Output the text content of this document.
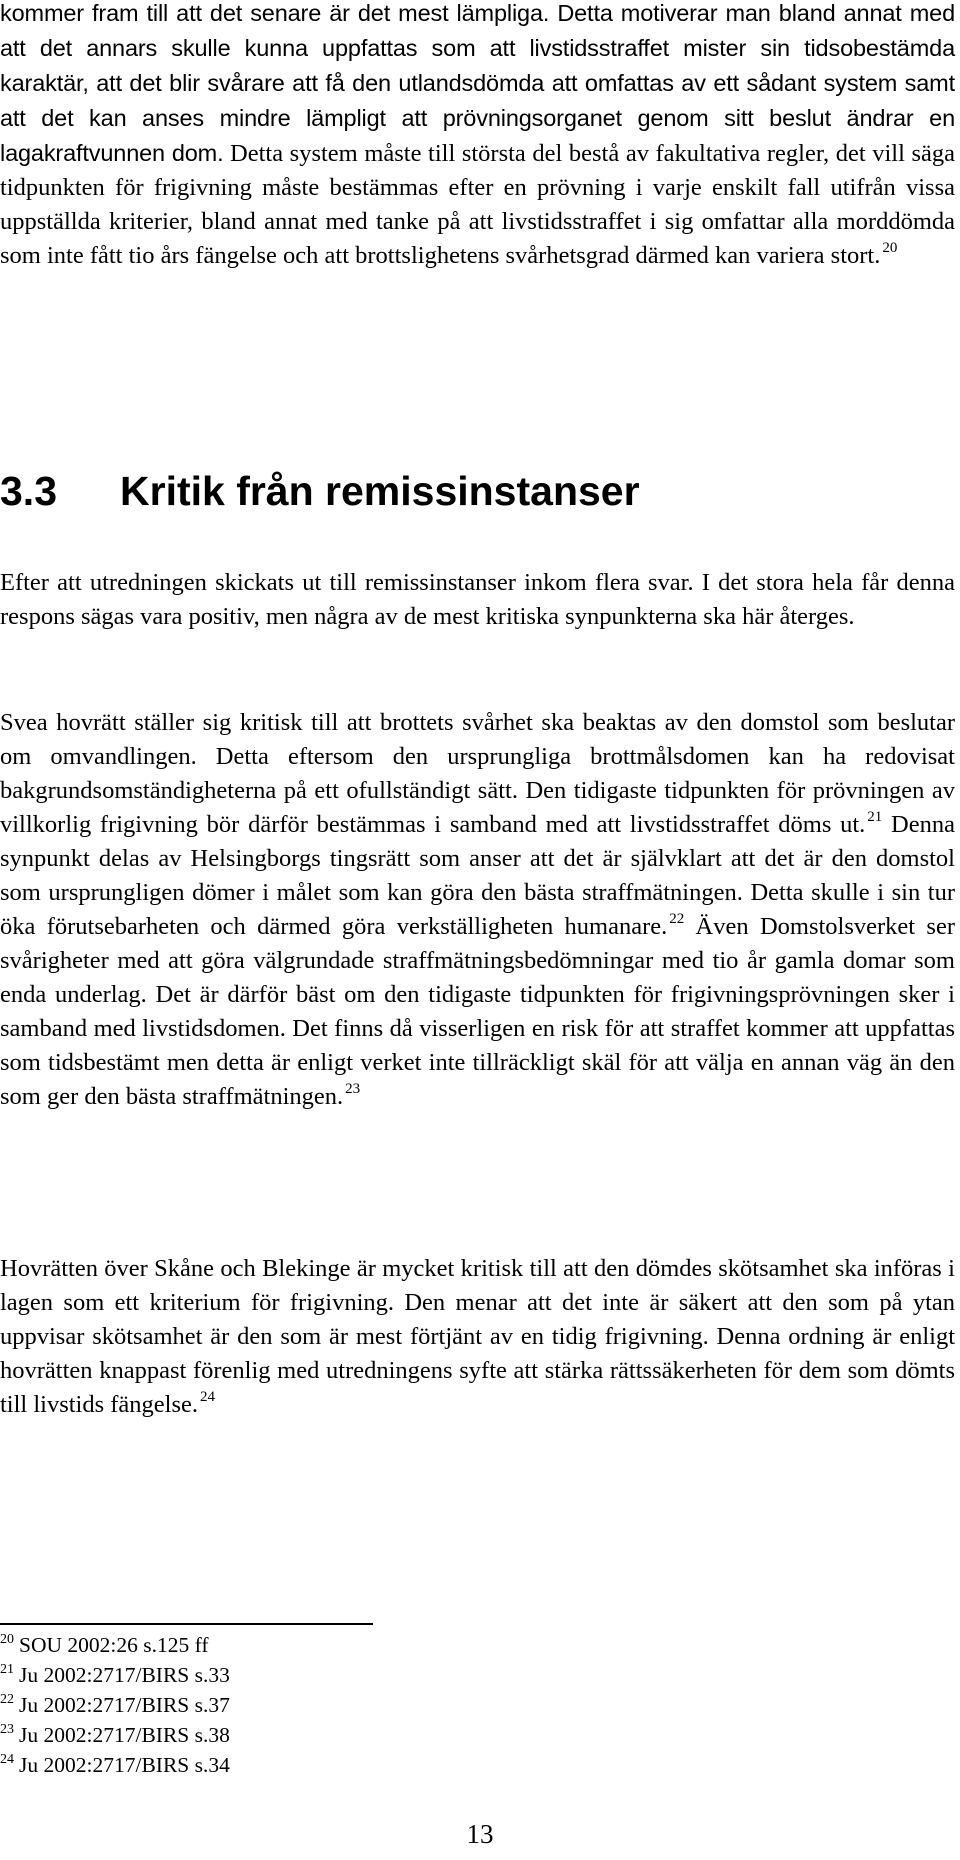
kommer fram till att det senare är det mest lämpliga. Detta motiverar man bland annat med att det annars skulle kunna uppfattas som att livstidsstraffet mister sin tidsobestämda karaktär, att det blir svårare att få den utlandsdömda att omfattas av ett sådant system samt att det kan anses mindre lämpligt att prövningsorganet genom sitt beslut ändrar en lagakraftvunnen dom. Detta system måste till största del bestå av fakultativa regler, det vill säga tidpunkten för frigivning måste bestämmas efter en prövning i varje enskilt fall utifrån vissa uppställda kriterier, bland annat med tanke på att livstidsstraffet i sig omfattar alla morddömda som inte fått tio års fängelse och att brottslighetens svårhetsgrad därmed kan variera stort. $^{20}$

3.3 Kritik från remissinstanser

Efter att utredningen skickats ut till remissinstanser inkom flera svar. I det stora hela får denna respons sägas vara positiv, men några av de mest kritiska synpunkterna ska här återges.

Svea hovrätt ställer sig kritisk till att brottets svårhet ska beaktas av den domstol som beslutar om omvandlingen. Detta eftersom den ursprungliga brottmålsdomen kan ha redovisat bakgrundsomständigheterna på ett ofullständigt sätt. Den tidigaste tidpunkten för prövningen av villkorlig frigivning bör därför bestämmas i samband med att livstidsstraffet döms ut. $^{21}$ Denna synpunkt delas av Helsingborgs tingsrätt som anser att det är självklart att det är den domstol som ursprungligen dömer i målet som kan göra den bästa straffmätningen. Detta skulle i sin tur öka förutsebarheten och därmed göra verkställigheten humanare. $^{22}$ Även Domstolsverket ser svårigheter med att göra välgrundade straffmätningsbedömningar med tio år gamla domar som enda underlag. Det är därför bäst om den tidigaste tidpunkten för frigivningsprövningen sker i samband med livstidsdomen. Det finns då visserligen en risk för att straffet kommer att uppfattas som tidsbestämt men detta är enligt verket inte tillräckligt skäl för att välja en annan väg än den som ger den bästa straffmätningen. $^{23}$

Hovrätten över Skåne och Blekinge är mycket kritisk till att den dömdes skötsamhet ska införas i lagen som ett kriterium för frigivning. Den menar att det inte är säkert att den som på ytan uppvisar skötsamhet är den som är mest förtjänt av en tidig frigivning. Denna ordning är enligt hovrätten knappast förenlig med utredningens syfte att stärka rättssäkerheten för dem som dömts till livstids fängelse. $^{24}$

$^{20}$ SOU 2002:26 s.125 ff
$^{21}$ Ju 2002:2717/BIRS s.33
$^{22}$ Ju 2002:2717/BIRS s.37
$^{23}$ Ju 2002:2717/BIRS s.38
$^{24}$ Ju 2002:2717/BIRS s.34
13
